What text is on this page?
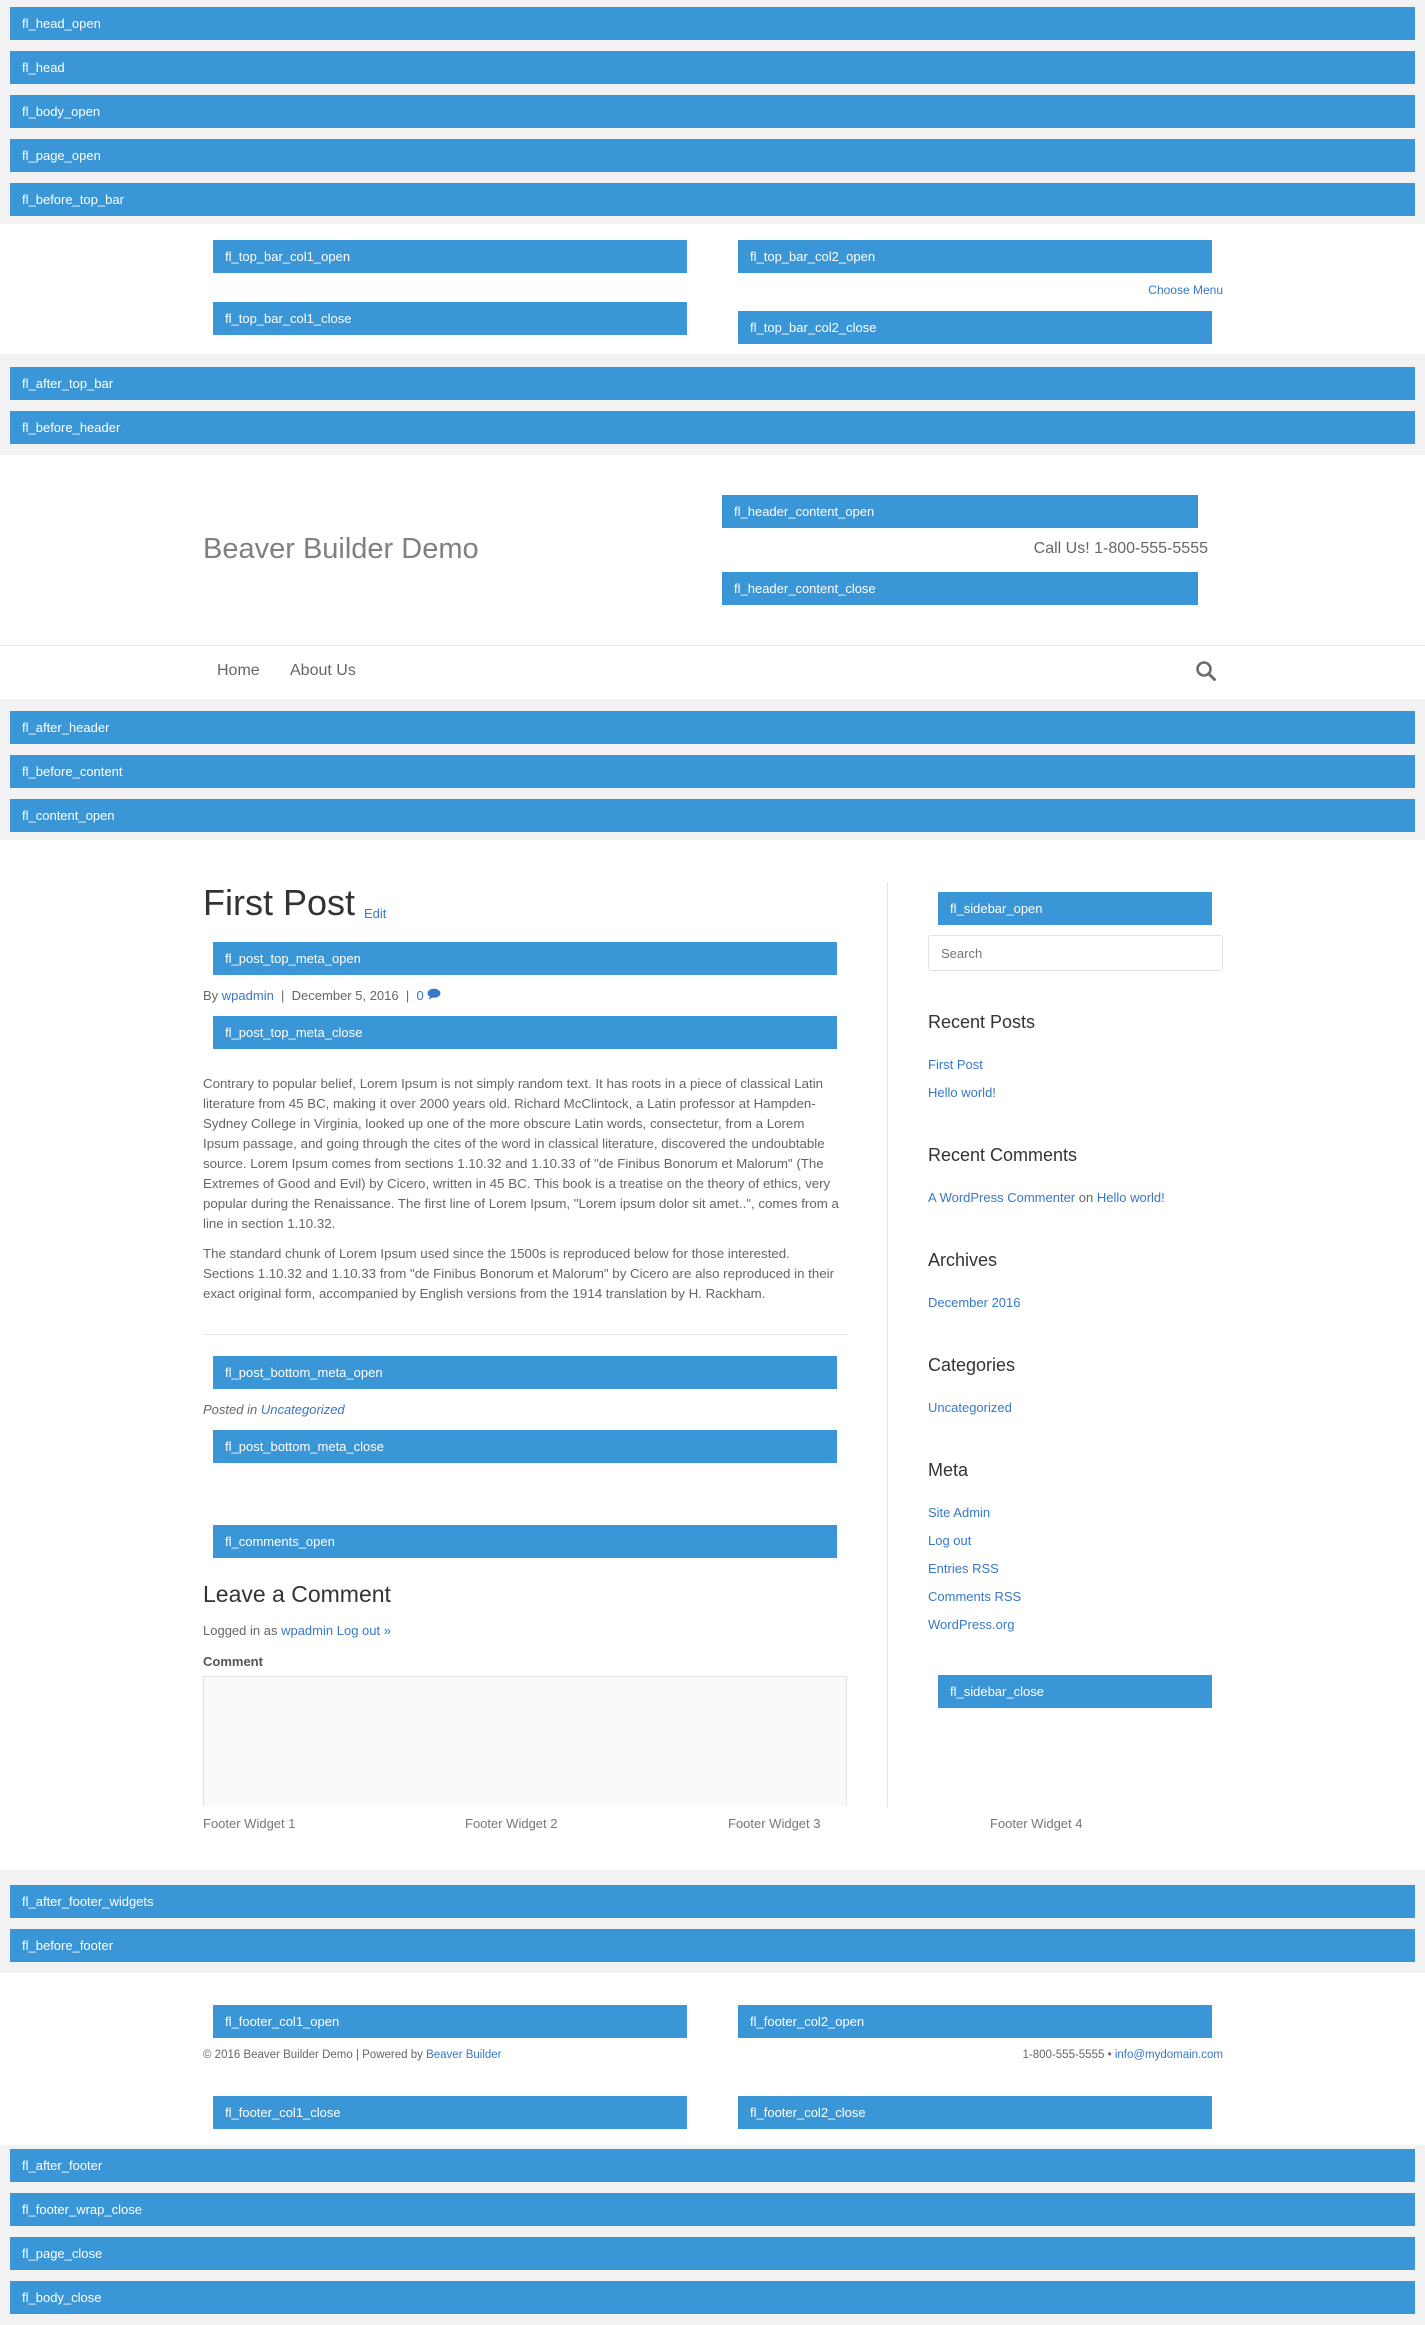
fl_head_open
fl_head
fl_body_open
fl_page_open
fl_before_top_bar
fl_top_bar_col1_open
fl_top_bar_col1_close
fl_top_bar_col2_open
Choose Menu
fl_top_bar_col2_close
fl_after_top_bar
fl_before_header
Beaver Builder Demo
fl_header_content_open
Call Us! 1-800-555-5555
fl_header_content_close
Home About Us
fl_after_header
fl_before_content
fl_content_open
First Post Edit
fl_post_top_meta_open
By wpadmin  |  December 5, 2016  |  0
fl_post_top_meta_close
Contrary to popular belief, Lorem Ipsum is not simply random text. It has roots in a piece of classical Latin literature from 45 BC, making it over 2000 years old. Richard McClintock, a Latin professor at Hampden-Sydney College in Virginia, looked up one of the more obscure Latin words, consectetur, from a Lorem Ipsum passage, and going through the cites of the word in classical literature, discovered the undoubtable source. Lorem Ipsum comes from sections 1.10.32 and 1.10.33 of "de Finibus Bonorum et Malorum" (The Extremes of Good and Evil) by Cicero, written in 45 BC. This book is a treatise on the theory of ethics, very popular during the Renaissance. The first line of Lorem Ipsum, "Lorem ipsum dolor sit amet..", comes from a line in section 1.10.32.
The standard chunk of Lorem Ipsum used since the 1500s is reproduced below for those interested. Sections 1.10.32 and 1.10.33 from "de Finibus Bonorum et Malorum" by Cicero are also reproduced in their exact original form, accompanied by English versions from the 1914 translation by H. Rackham.
fl_post_bottom_meta_open
Posted in Uncategorized
fl_post_bottom_meta_close
fl_comments_open
Leave a Comment
Logged in as wpadmin Log out »
Comment
fl_sidebar_open
Search
Recent Posts
First Post
Hello world!
Recent Comments
A WordPress Commenter on Hello world!
Archives
December 2016
Categories
Uncategorized
Meta
Site Admin
Log out
Entries RSS
Comments RSS
WordPress.org
fl_sidebar_close
Footer Widget 1	Footer Widget 2	Footer Widget 3	Footer Widget 4
fl_after_footer_widgets
fl_before_footer
fl_footer_col1_open	fl_footer_col2_open
© 2016 Beaver Builder Demo | Powered by Beaver Builder	1-800-555-5555 • info@mydomain.com
fl_footer_col1_close	fl_footer_col2_close
fl_after_footer
fl_footer_wrap_close
fl_page_close
fl_body_close
